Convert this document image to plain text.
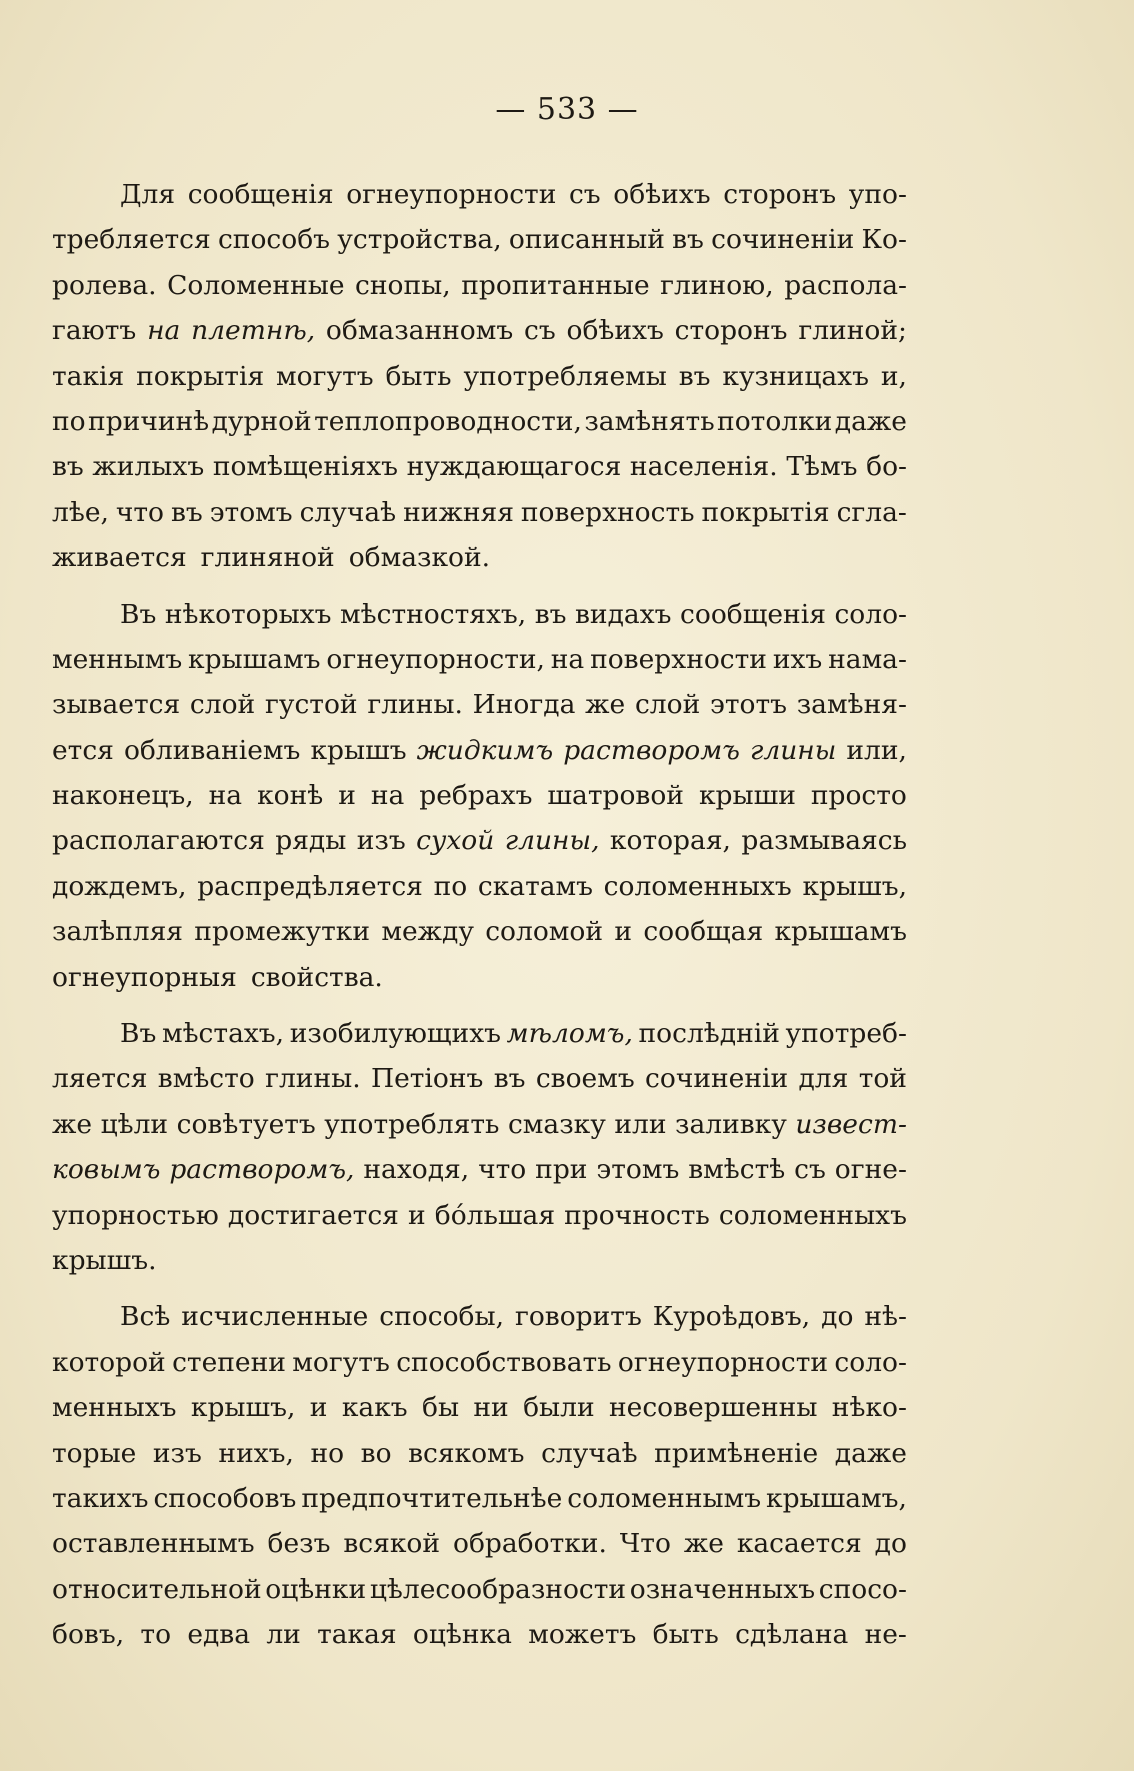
— 533 —
Для сообщенія огнеупорности съ обѣихъ сторонъ упо-
требляется способъ устройства, описанный въ сочиненіи Ко-
ролева. Соломенные снопы, пропитанные глиною, распола-
гаютъ на плетнѣ, обмазанномъ съ обѣихъ сторонъ глиной;
такія покрытія могутъ быть употребляемы въ кузницахъ и,
по причинѣ дурной теплопроводности, замѣнять потолки даже
въ жилыхъ помѣщеніяхъ нуждающагося населенія. Тѣмъ бо-
лѣе, что въ этомъ случаѣ нижняя поверхность покрытія сгла-
живается глиняной обмазкой.
Въ нѣкоторыхъ мѣстностяхъ, въ видахъ сообщенія соло-
меннымъ крышамъ огнеупорности, на поверхности ихъ нама-
зывается слой густой глины. Иногда же слой этотъ замѣня-
ется обливаніемъ крышъ жидкимъ растворомъ глины или,
наконецъ, на конѣ и на ребрахъ шатровой крыши просто
располагаются ряды изъ сухой глины, которая, размываясь
дождемъ, распредѣляется по скатамъ соломенныхъ крышъ,
залѣпляя промежутки между соломой и сообщая крышамъ
огнеупорныя свойства.
Въ мѣстахъ, изобилующихъ мѣломъ, послѣдній употреб-
ляется вмѣсто глины. Петіонъ въ своемъ сочиненіи для той
же цѣли совѣтуетъ употреблять смазку или заливку извест-
ковымъ растворомъ, находя, что при этомъ вмѣстѣ съ огне-
упорностью достигается и бо́льшая прочность соломенныхъ
крышъ.
Всѣ исчисленные способы, говоритъ Куроѣдовъ, до нѣ-
которой степени могутъ способствовать огнеупорности соло-
менныхъ крышъ, и какъ бы ни были несовершенны нѣко-
торые изъ нихъ, но во всякомъ случаѣ примѣненіе даже
такихъ способовъ предпочтительнѣе соломеннымъ крышамъ,
оставленнымъ безъ всякой обработки. Что же касается до
относительной оцѣнки цѣлесообразности означенныхъ спосо-
бовъ, то едва ли такая оцѣнка можетъ быть сдѣлана не-
